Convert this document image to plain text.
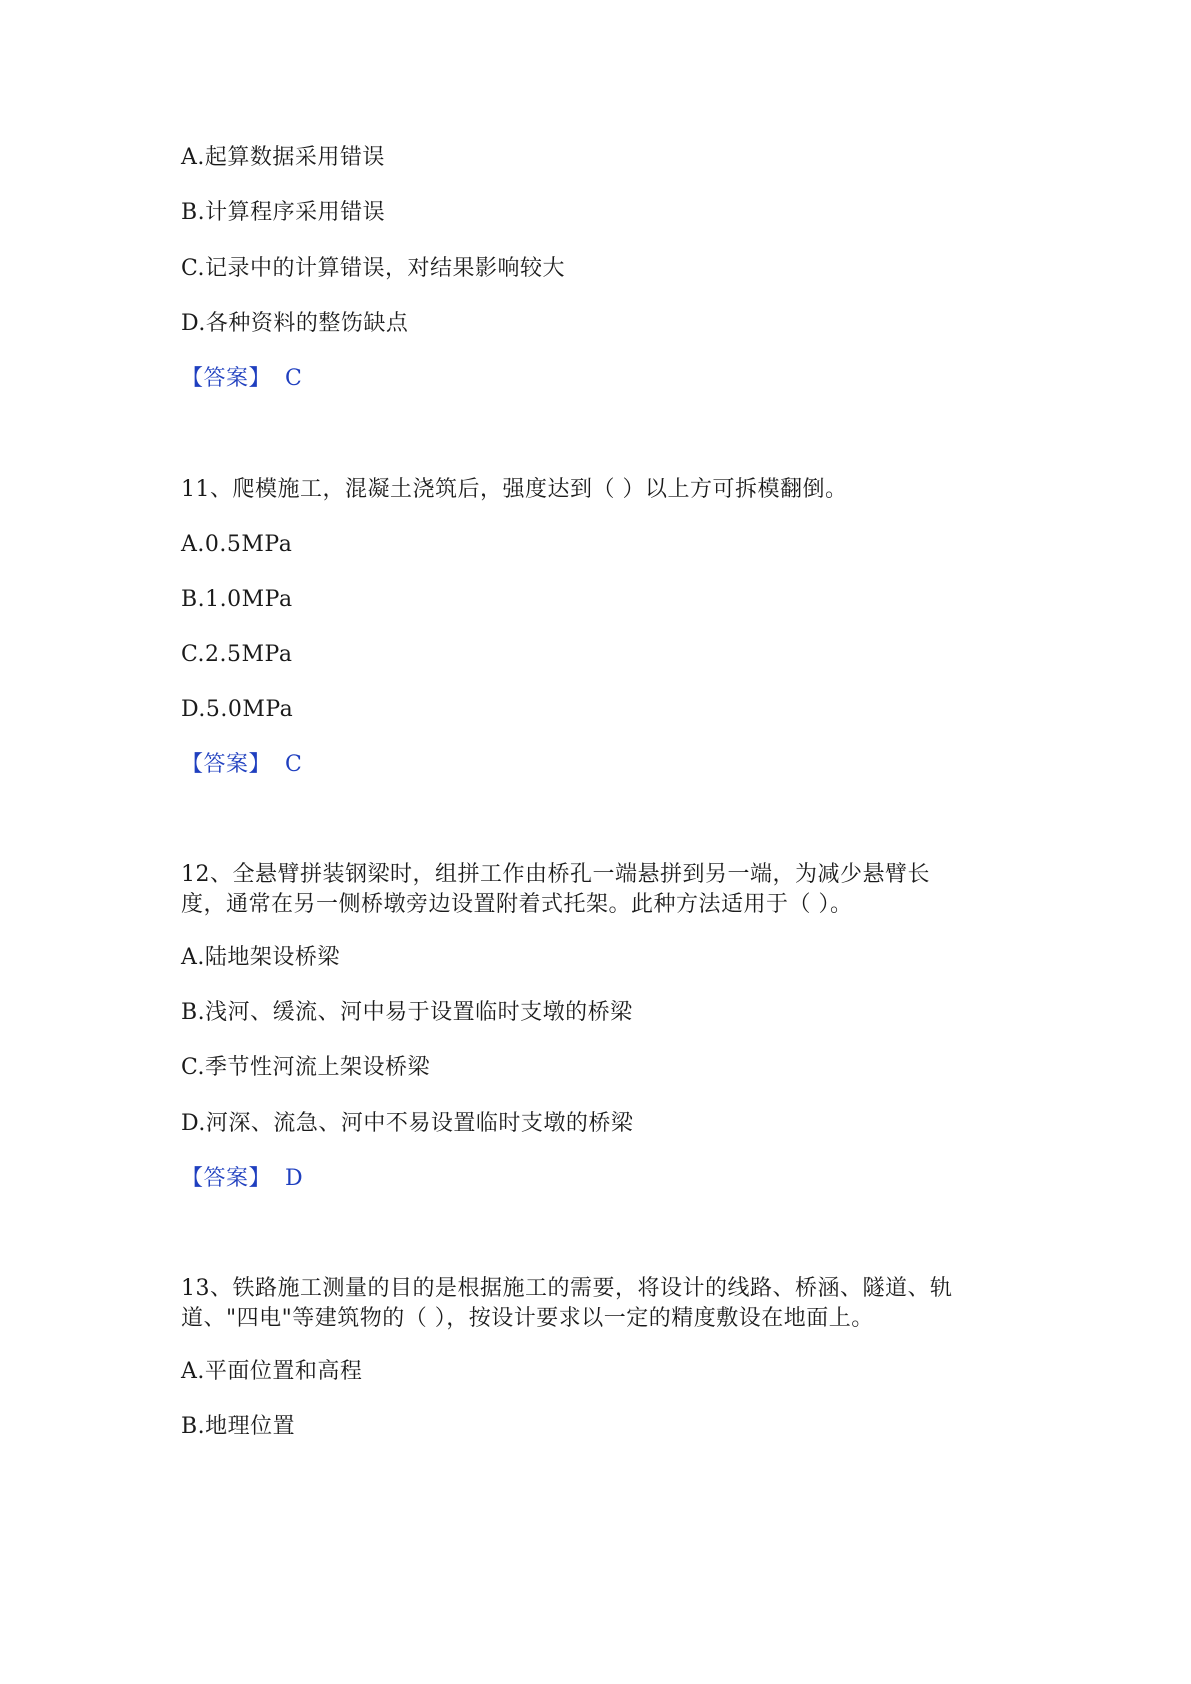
A.起算数据采用错误
B.计算程序采用错误
C.记录中的计算错误，对结果影响较大
D.各种资料的整饬缺点
【答案】 C
11、爬模施工，混凝土浇筑后，强度达到（ ）以上方可拆模翻倒。
A.0.5MPa
B.1.0MPa
C.2.5MPa
D.5.0MPa
【答案】 C
12、全悬臂拼装钢梁时，组拼工作由桥孔一端悬拼到另一端，为减少悬臂长
度，通常在另一侧桥墩旁边设置附着式托架。此种方法适用于（ ）。
A.陆地架设桥梁
B.浅河、缓流、河中易于设置临时支墩的桥梁
C.季节性河流上架设桥梁
D.河深、流急、河中不易设置临时支墩的桥梁
【答案】 D
13、铁路施工测量的目的是根据施工的需要，将设计的线路、桥涵、隧道、轨
道、"四电"等建筑物的（ ），按设计要求以一定的精度敷设在地面上。
A.平面位置和高程
B.地理位置
